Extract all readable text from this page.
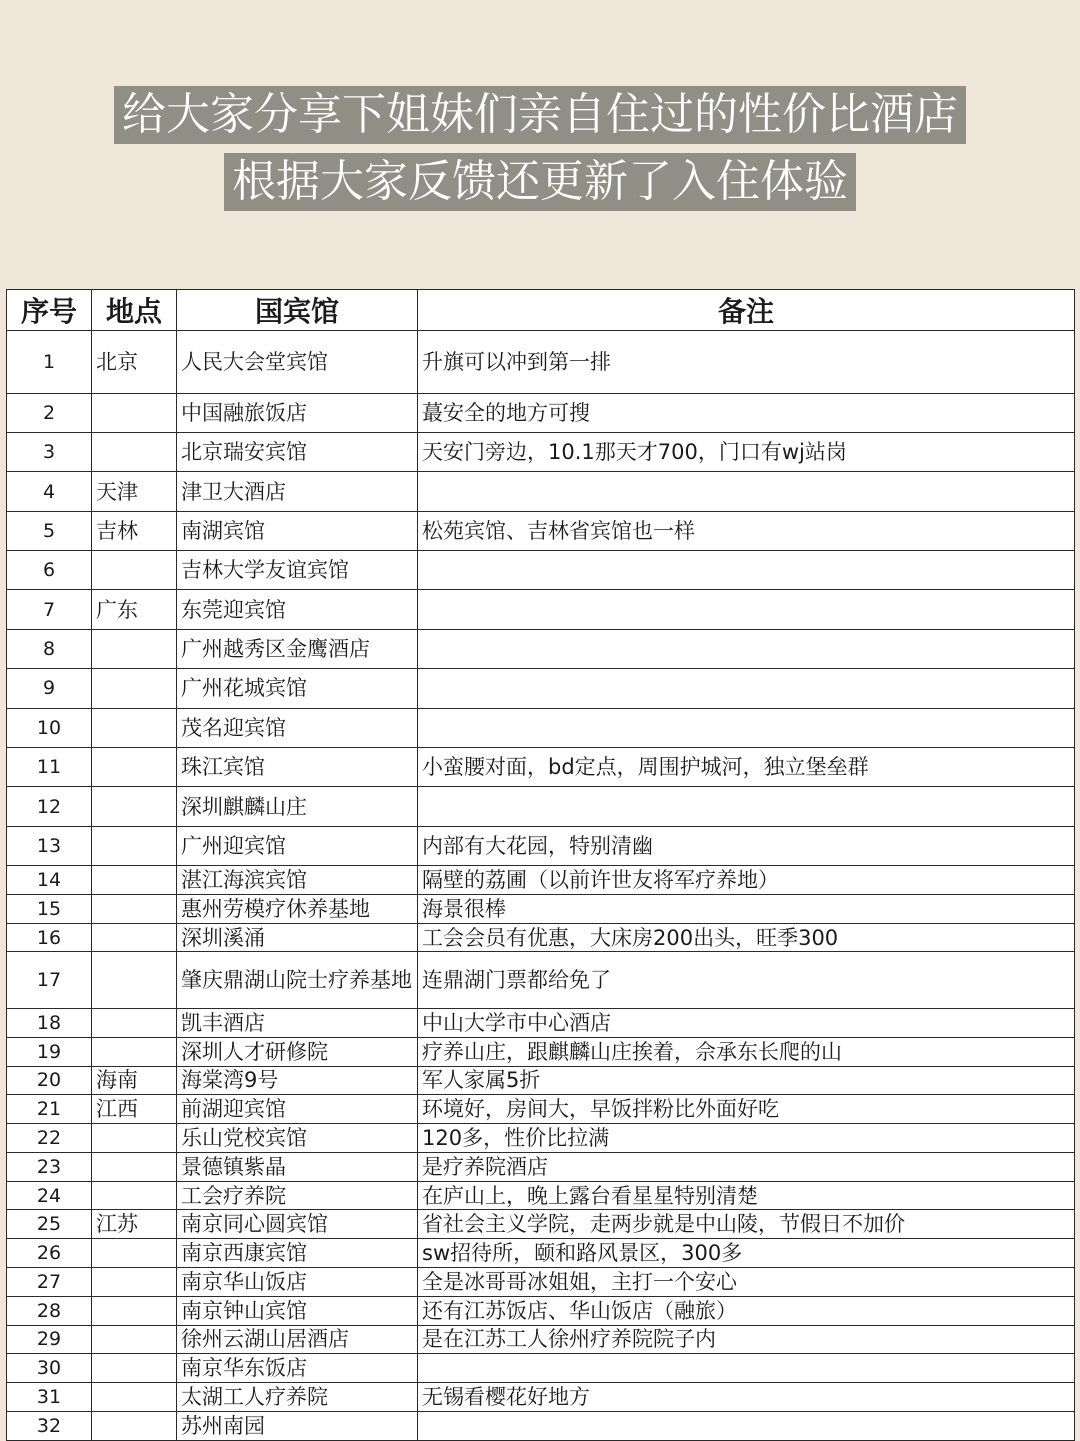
给大家分享下姐妹们亲自住过的性价比酒店
根据大家反馈还更新了入住体验
序号	地点	国宾馆	备注
1	北京	人民大会堂宾馆	升旗可以冲到第一排
2		中国融旅饭店	蕞安全的地方可搜
3		北京瑞安宾馆	天安门旁边，10.1那天才700，门口有wj站岗
4	天津	津卫大酒店	
5	吉林	南湖宾馆	松苑宾馆、吉林省宾馆也一样
6		吉林大学友谊宾馆	
7	广东	东莞迎宾馆	
8		广州越秀区金鹰酒店	
9		广州花城宾馆	
10		茂名迎宾馆	
11		珠江宾馆	小蛮腰对面，bd定点，周围护城河，独立堡垒群
12		深圳麒麟山庄	
13		广州迎宾馆	内部有大花园，特别清幽
14		湛江海滨宾馆	隔壁的荔圃（以前许世友将军疗养地）
15		惠州劳模疗休养基地	海景很棒
16		深圳溪涌	工会会员有优惠，大床房200出头，旺季300
17		肇庆鼎湖山院士疗养基地	连鼎湖门票都给免了
18		凯丰酒店	中山大学市中心酒店
19		深圳人才研修院	疗养山庄，跟麒麟山庄挨着，佘承东长爬的山
20	海南	海棠湾9号	军人家属5折
21	江西	前湖迎宾馆	环境好，房间大，早饭拌粉比外面好吃
22		乐山党校宾馆	120多，性价比拉满
23		景德镇紫晶	是疗养院酒店
24		工会疗养院	在庐山上，晚上露台看星星特别清楚
25	江苏	南京同心圆宾馆	省社会主义学院，走两步就是中山陵，节假日不加价
26		南京西康宾馆	sw招待所，颐和路风景区，300多
27		南京华山饭店	全是冰哥哥冰姐姐，主打一个安心
28		南京钟山宾馆	还有江苏饭店、华山饭店（融旅）
29		徐州云湖山居酒店	是在江苏工人徐州疗养院院子内
30		南京华东饭店	
31		太湖工人疗养院	无锡看樱花好地方
32		苏州南园	
